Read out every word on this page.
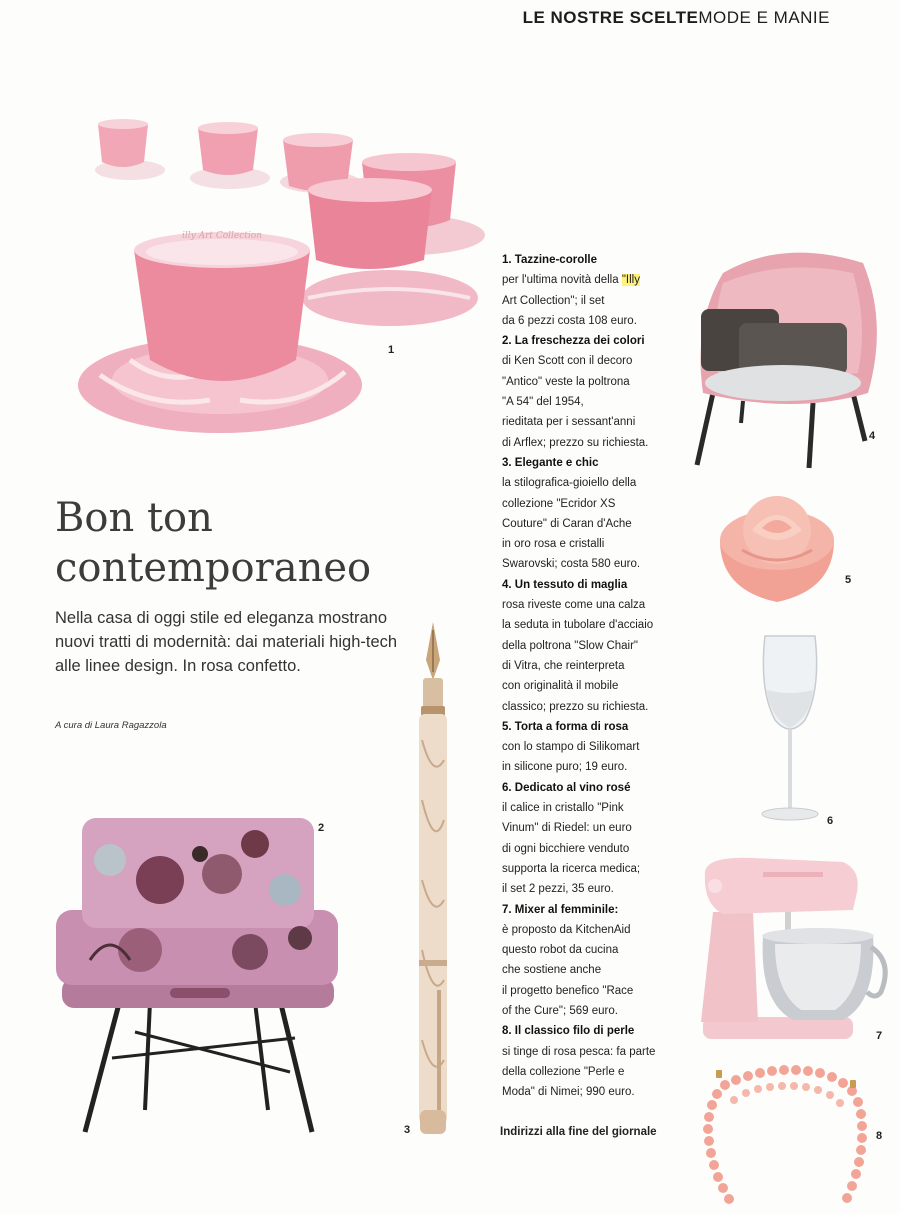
LE NOSTRE SCELTEMODE E MANIE
illy Art Collection
1
Bon ton
contemporaneo
Nella casa di oggi stile ed eleganza mostrano nuovi tratti di modernità: dai materiali high-tech alle linee design. In rosa confetto.
A cura di Laura Ragazzola
2
3
1. Tazzine-corolle
per l'ultima novità della "Illy
Art Collection"; il set
da 6 pezzi costa 108 euro.
2. La freschezza dei colori
di Ken Scott con il decoro
"Antico" veste la poltrona
"A 54" del 1954,
rieditata per i sessant'anni
di Arflex; prezzo su richiesta.
3. Elegante e chic
la stilografica-gioiello della
collezione "Ecridor XS
Couture" di Caran d'Ache
in oro rosa e cristalli
Swarovski; costa 580 euro.
4. Un tessuto di maglia
rosa riveste come una calza
la seduta in tubolare d'acciaio
della poltrona "Slow Chair"
di Vitra, che reinterpreta
con originalità il mobile
classico; prezzo su richiesta.
5. Torta a forma di rosa
con lo stampo di Silikomart
in silicone puro; 19 euro.
6. Dedicato al vino rosé
il calice in cristallo "Pink
Vinum" di Riedel: un euro
di ogni bicchiere venduto
supporta la ricerca medica;
il set 2 pezzi, 35 euro.
7. Mixer al femminile:
è proposto da KitchenAid
questo robot da cucina
che sostiene anche
il progetto benefico "Race
of the Cure"; 569 euro.
8. Il classico filo di perle
si tinge di rosa pesca: fa parte
della collezione "Perle e
Moda" di Nimei; 990 euro.
Indirizzi alla fine del giornale
4
5
6
7
8
